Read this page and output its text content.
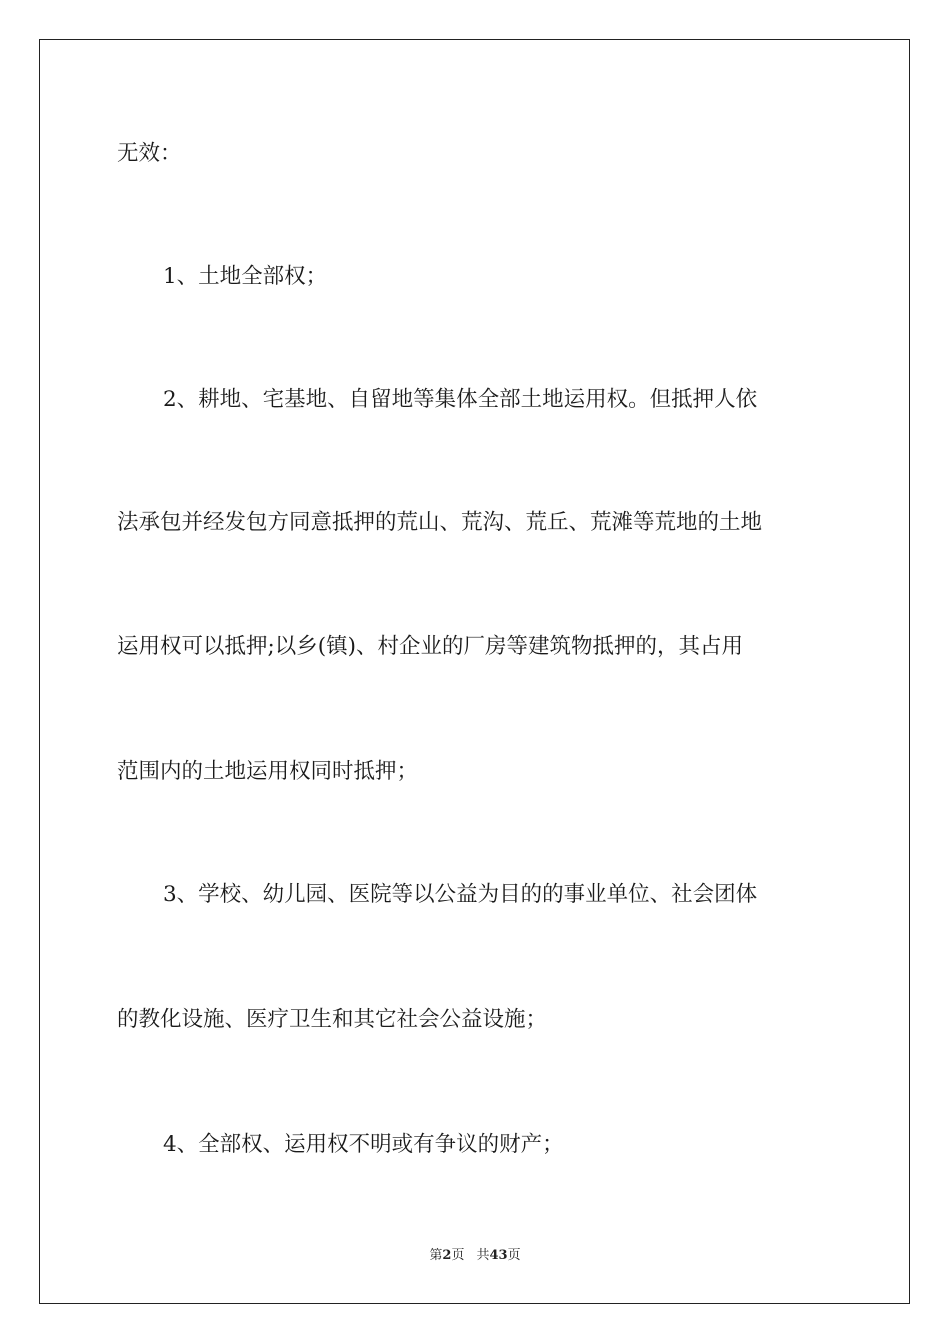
无效：
1、土地全部权；
2、耕地、宅基地、自留地等集体全部土地运用权。但抵押人依
法承包并经发包方同意抵押的荒山、荒沟、荒丘、荒滩等荒地的土地
运用权可以抵押;以乡(镇)、村企业的厂房等建筑物抵押的，其占用
范围内的土地运用权同时抵押；
3、学校、幼儿园、医院等以公益为目的的事业单位、社会团体
的教化设施、医疗卫生和其它社会公益设施；
4、全部权、运用权不明或有争议的财产；
第2页 共43页
